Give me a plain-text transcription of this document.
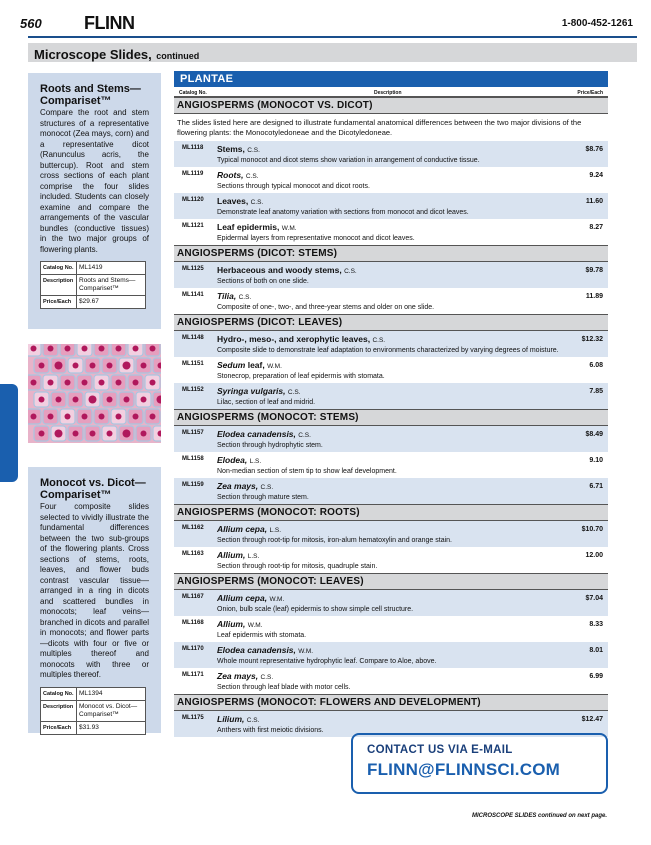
560 FLINN	1-800-452-1261
Microscope Slides, continued
Roots and Stems—
Compariset™
Compare the root and stem structures of a representative monocot (Zea mays, corn) and a representative dicot (Ranunculus acris, the buttercup). Root and stem cross sections of each plant comprise the four slides included. Students can closely examine and compare the arrangements of the vascular bundles (conductive tissues) in the two major groups of flowering plants.
Catalog No.	ML1419
Description	Roots and Stems—Compariset™
Price/Each	$29.67
Monocot vs. Dicot—
Compariset™
Four composite slides selected to vividly illustrate the fundamental differences between the two sub-groups of the flowering plants. Cross sections of stems, roots, leaves, and flower buds contrast vascular tissue—arranged in a ring in dicots and scattered bundles in monocots; leaf veins—branched in dicots and parallel in monocots; and flower parts—dicots with four or five or multiples thereof and monocots with three or multiples thereof.
Catalog No.	ML1394
Description	Monocot vs. Dicot—Compariset™
Price/Each	$31.93
PLANTAE
Catalog No.	Description	Price/Each
ANGIOSPERMS (MONOCOT VS. DICOT)
The slides listed here are designed to illustrate fundamental anatomical differences between the two major divisions of the flowering plants: the Monocotyledoneae and the Dicotyledoneae.
ML1118 Stems, C.S.
Typical monocot and dicot stems show variation in arrangement of conductive tissue.
$8.76
ML1119 Roots, C.S.
Sections through typical monocot and dicot roots.
9.24
ML1120 Leaves, C.S.
Demonstrate leaf anatomy variation with sections from monocot and dicot leaves.
11.60
ML1121 Leaf epidermis, W.M.
Epidermal layers from representative monocot and dicot leaves.
8.27
ANGIOSPERMS (DICOT: STEMS)
ML1125 Herbaceous and woody stems, C.S.
Sections of both on one slide.
$9.78
ML1141 Tilia, C.S.
Composite of one-, two-, and three-year stems and older on one slide.
11.89
ANGIOSPERMS (DICOT: LEAVES)
ML1148 Hydro-, meso-, and xerophytic leaves, C.S.
Composite slide to demonstrate leaf adaptation to environments characterized by varying degrees of moisture.
$12.32
ML1151 Sedum leaf, W.M.
Stonecrop, preparation of leaf epidermis with stomata.
6.08
ML1152 Syringa vulgaris, C.S.
Lilac, section of leaf and midrid.
7.85
ANGIOSPERMS (MONOCOT: STEMS)
ML1157 Elodea canadensis, C.S.
Section through hydrophytic stem.
$8.49
ML1158 Elodea, L.S.
Non-median section of stem tip to show leaf development.
9.10
ML1159 Zea mays, C.S.
Section through mature stem.
6.71
ANGIOSPERMS (MONOCOT: ROOTS)
ML1162 Allium cepa, L.S.
Section through root-tip for mitosis, iron-alum hematoxylin and orange stain.
$10.70
ML1163 Allium, L.S.
Section through root-tip for mitosis, quadruple stain.
12.00
ANGIOSPERMS (MONOCOT: LEAVES)
ML1167 Allium cepa, W.M.
Onion, bulb scale (leaf) epidermis to show simple cell structure.
$7.04
ML1168 Allium, W.M.
Leaf epidermis with stomata.
8.33
ML1170 Elodea canadensis, W.M.
Whole mount representative hydrophytic leaf. Compare to Aloe, above.
8.01
ML1171 Zea mays, C.S.
Section through leaf blade with motor cells.
6.99
ANGIOSPERMS (MONOCOT: FLOWERS AND DEVELOPMENT)
ML1175 Lilium, C.S.
Anthers with first meiotic divisions.
$12.47
CONTACT US VIA E-MAIL
FLINN@FLINNSCI.COM
MICROSCOPE SLIDES continued on next page.
